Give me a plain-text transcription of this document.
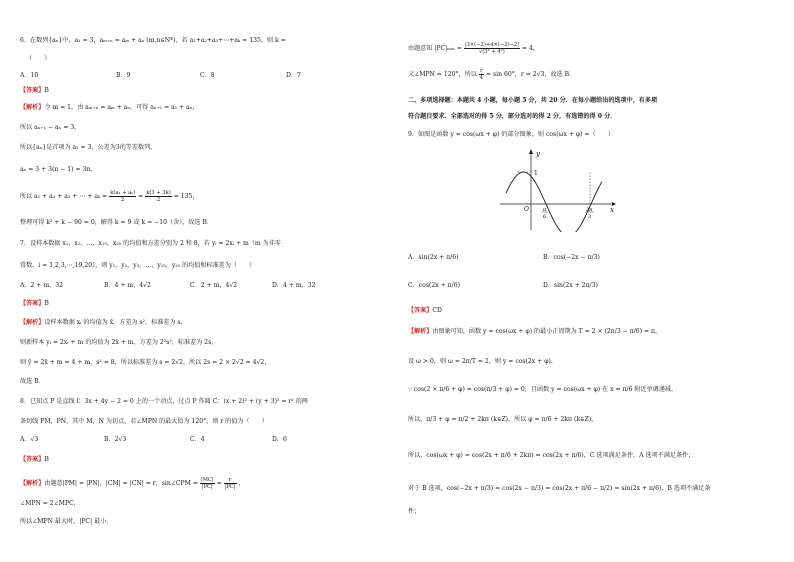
6．在数列{aₙ}中，a₁ = 3，aₘ₊ₙ = aₘ + aₙ (m,n∈N*)，若 a₁+a₂+a₃+⋯+aₖ = 135，则 k =
（　　）
A．10	B．9	C．8	D．7
【答案】B
【解析】令 m = 1，由 aₘ₊ₙ = aₘ + aₙ，可得 aₙ₊₁ = a₁ + aₙ，
所以 aₙ₊₁ − aₙ = 3，
所以{aₙ}是首项为 a₁ = 3，公差为3的等差数列，
aₙ = 3 + 3(n − 1) = 3n，
所以 a₁ + a₂ + a₃ + ⋯ + $a_k = \frac{\text{k(a₁ + aₖ)}}{2} = \frac{k(3 + 3k)}{2} = 135$，
整理可得 k² + k − 90 = 0，解得 k = 9 或 k = −10（舍），故选 B．
7．设样本数据 x₁，x₂，…，x₁₉，x₂₀ 的均值和方差分别为 2 和 8，若 yᵢ = 2xᵢ + m（m 为非零
常数，i = 1,2,3,⋯,19,20），则 y₁，y₂，y₃，…，y₁₉，y₂₀ 的均值和标准差为（　　）
A．2 + m，32	B．4 + m，4√2	C．2 + m，4√2	D．4 + m，32
【答案】B
【解析】设样本数据 xᵢ 的均值为 x̄，方差为 s²，标准差为 s，
则新样本 yᵢ = 2xᵢ + m 的均值为 2x̄ + m，方差为 2²s²，标准差为 2s，
则 ȳ = 2x̄ + m = 4 + m，s² = 8，所以标准差为 s = 2√2，所以 2s = 2 × 2√2 = 4√2，
故选 B．
8．已知点 P 是直线 l：3x + 4y − 2 = 0 上的一个动点，过点 P 作圆 C：(x + 2)² + (y + 3)² = r² 的两
条切线 PM，PN，其中 M，N 为切点，若∠MPN 的最大值为 120°，则 r 的值为（　　）
A．√3	B．2√3	C．4	D．6
【答案】B
【解析】由题意|PM| = |PN|，|CM| = |CN| = r，sin∠CPM = $\frac{|MC|}{|PC|} = \frac{r}{|PC|}$ ，
∠MPN = 2∠MPC，
所以∠MPN 最大时，|PC| 最小．
由题意知 |PC|ₘᵢₙ = $\frac{|3\times(-2)+4\times(-3)-2|}{\text{√(3² + 4²)}} = 4$，
又∠MPN = 120°，所以 $\frac{r}{4} = \sin 60^\circ$，r = 2√3，故选 B．
二、多项选择题：本题共 4 小题，每小题 5 分，共 20 分．在每小题给出的选项中，有多项
符合题目要求．全部选对的得 5 分，部分选对的得 2 分，有选错的得 0 分．
9．如图是函数 y = cos(ωx + φ) 的部分图象，则 cos(ωx + φ) =（　　）
y
x
O
1
π
6
2π
3
A．sin(2x + π/6)	B．cos(−2x − π/3)
C．cos(2x + π/6)	D．sin(2x + 2π/3)
【答案】CD
【解析】由图象可知，函数 y = cos(ωx + φ) 的最小正周期为 T = 2 × (2π/3 − π/6) = π，
设 ω > 0，则 ω = 2π/T = 2，则 y = cos(2x + φ)，
∵ cos(2 × π/6 + φ) = cos(π/3 + φ) = 0，且函数 y = cos(ωx + φ) 在 x = π/6 附近单调递减，
所以，π/3 + φ = π/2 + 2kπ (k∈Z)，所以 φ = π/6 + 2kπ (k∈Z)，
所以，cos(ωx + φ) = cos(2x + π/6 + 2kπ) = cos(2x + π/6)，C 选项满足条件，A 选项不满足条件；
对于 B 选项，cos(−2x + π/3) = cos(2x − π/3) = cos(2x + π/6 − π/2) = sin(2x + π/6)，B 选项不满足条
件；
